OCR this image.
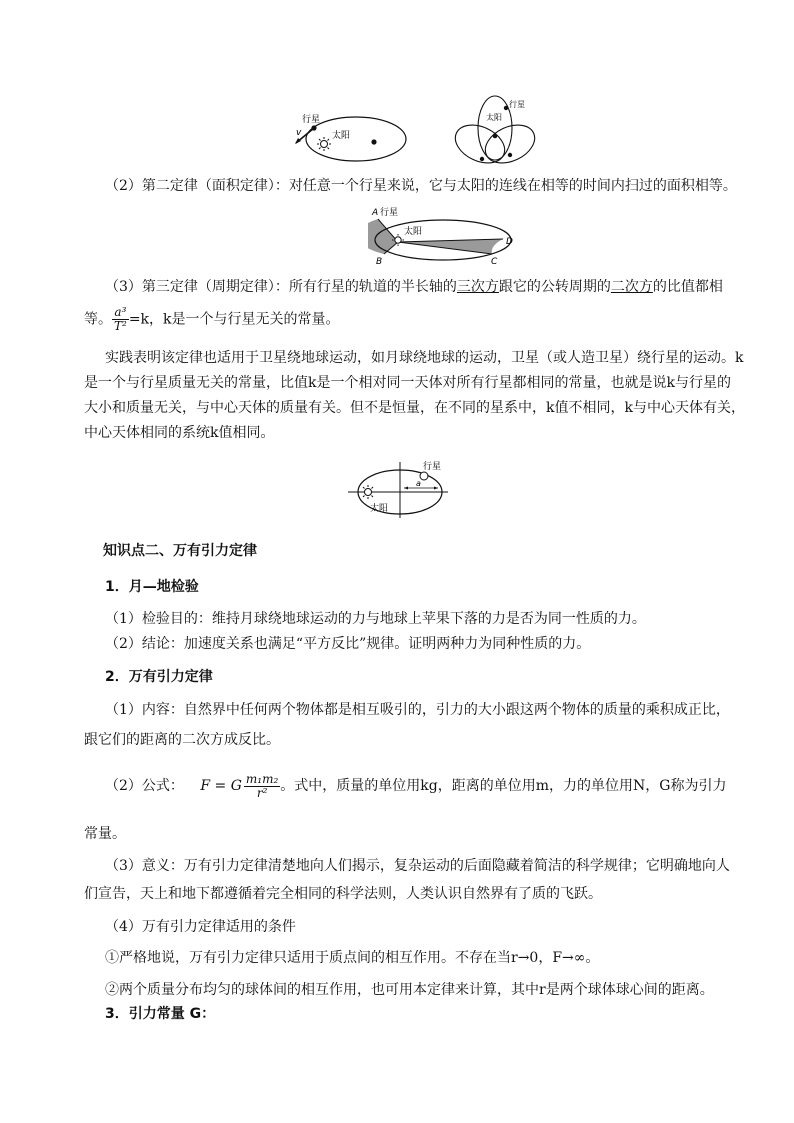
行星
太阳
v
行星
太阳
（2）第二定律（面积定律）：对任意一个行星来说，它与太阳的连线在相等的时间内扫过的面积相等。
A 行星
太阳
B	C
D
（3）第三定律（周期定律）：所有行星的轨道的半长轴的三次方跟它的公转周期的二次方的比值都相
等。 $\frac{\text{a³}}{\text{T²}} =k$，k是一个与行星无关的常量。
实践表明该定律也适用于卫星绕地球运动，如月球绕地球的运动，卫星（或人造卫星）绕行星的运动。k
是一个与行星质量无关的常量，比值k是一个相对同一天体对所有行星都相同的常量，也就是说k与行星的
大小和质量无关，与中心天体的质量有关。但不是恒量，在不同的星系中，k值不相同，k与中心天体有关，
中心天体相同的系统k值相同。
行星
太阳
a
知识点二、万有引力定律
1．月—地检验
（1）检验目的：维持月球绕地球运动的力与地球上苹果下落的力是否为同一性质的力。
（2）结论：加速度关系也满足“平方反比”规律。证明两种力为同种性质的力。
2．万有引力定律
（1）内容：自然界中任何两个物体都是相互吸引的，引力的大小跟这两个物体的质量的乘积成正比，
跟它们的距离的二次方成反比。
（2）公式： F = G $\frac{\text{m₁m₂}}{\text{r²}}$ 。式中，质量的单位用kg，距离的单位用m，力的单位用N，G称为引力
常量。
（3）意义：万有引力定律清楚地向人们揭示，复杂运动的后面隐藏着简洁的科学规律；它明确地向人
们宣告，天上和地下都遵循着完全相同的科学法则，人类认识自然界有了质的飞跃。
（4）万有引力定律适用的条件
①严格地说，万有引力定律只适用于质点间的相互作用。不存在当r→0，F→∞。
②两个质量分布均匀的球体间的相互作用，也可用本定律来计算，其中r是两个球体球心间的距离。
3．引力常量 G：
